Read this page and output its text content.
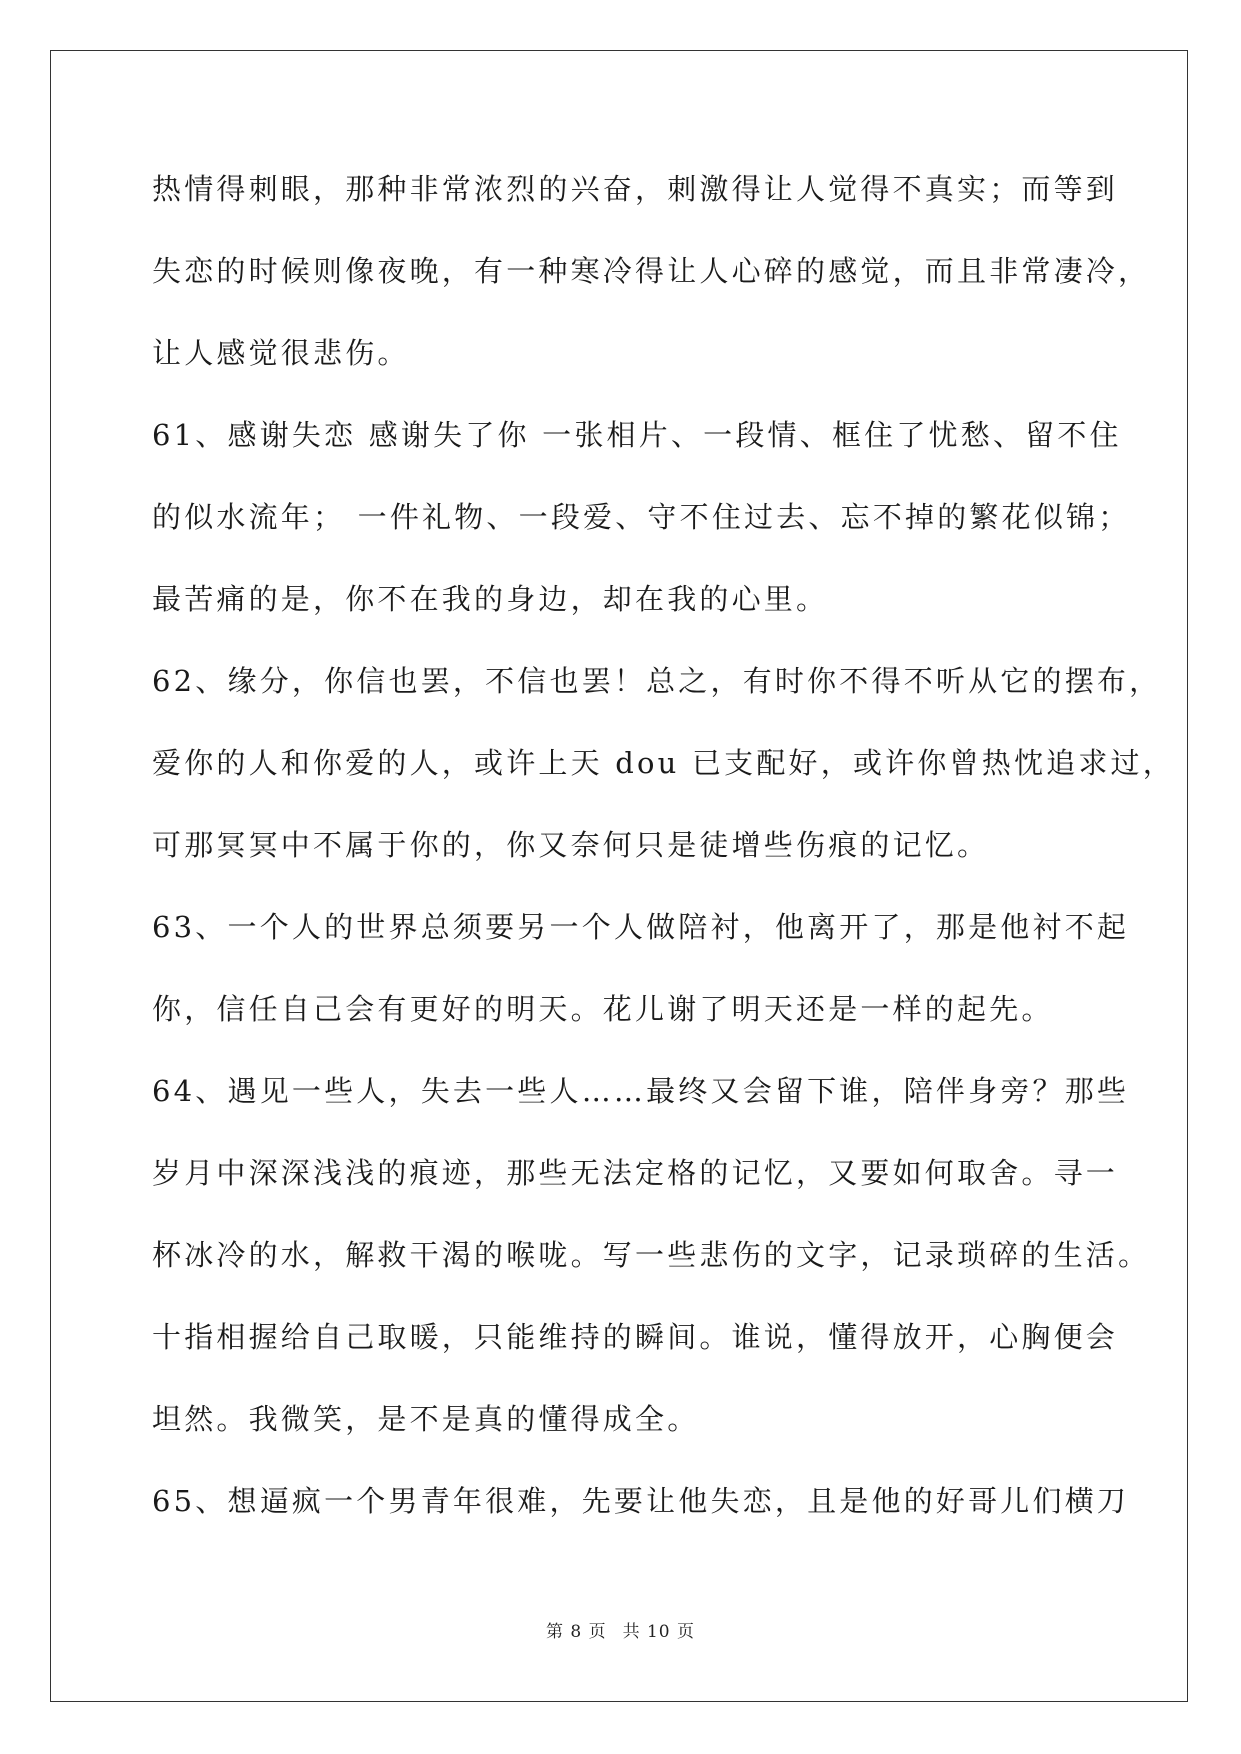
热情得刺眼，那种非常浓烈的兴奋，刺激得让人觉得不真实；而等到
失恋的时候则像夜晚，有一种寒冷得让人心碎的感觉，而且非常凄冷，
让人感觉很悲伤。
61、感谢失恋 感谢失了你 一张相片、一段情、框住了忧愁、留不住
的似水流年； 一件礼物、一段爱、守不住过去、忘不掉的繁花似锦；
最苦痛的是，你不在我的身边，却在我的心里。
62、缘分，你信也罢，不信也罢！总之，有时你不得不听从它的摆布，
爱你的人和你爱的人，或许上天 dou 已支配好，或许你曾热忱追求过，
可那冥冥中不属于你的，你又奈何只是徒增些伤痕的记忆。
63、一个人的世界总须要另一个人做陪衬，他离开了，那是他衬不起
你，信任自己会有更好的明天。花儿谢了明天还是一样的起先。
64、遇见一些人，失去一些人……最终又会留下谁，陪伴身旁？那些
岁月中深深浅浅的痕迹，那些无法定格的记忆，又要如何取舍。寻一
杯冰冷的水，解救干渴的喉咙。写一些悲伤的文字，记录琐碎的生活。
十指相握给自己取暖，只能维持的瞬间。谁说，懂得放开，心胸便会
坦然。我微笑，是不是真的懂得成全。
65、想逼疯一个男青年很难，先要让他失恋，且是他的好哥儿们横刀
第 8 页 共 10 页
